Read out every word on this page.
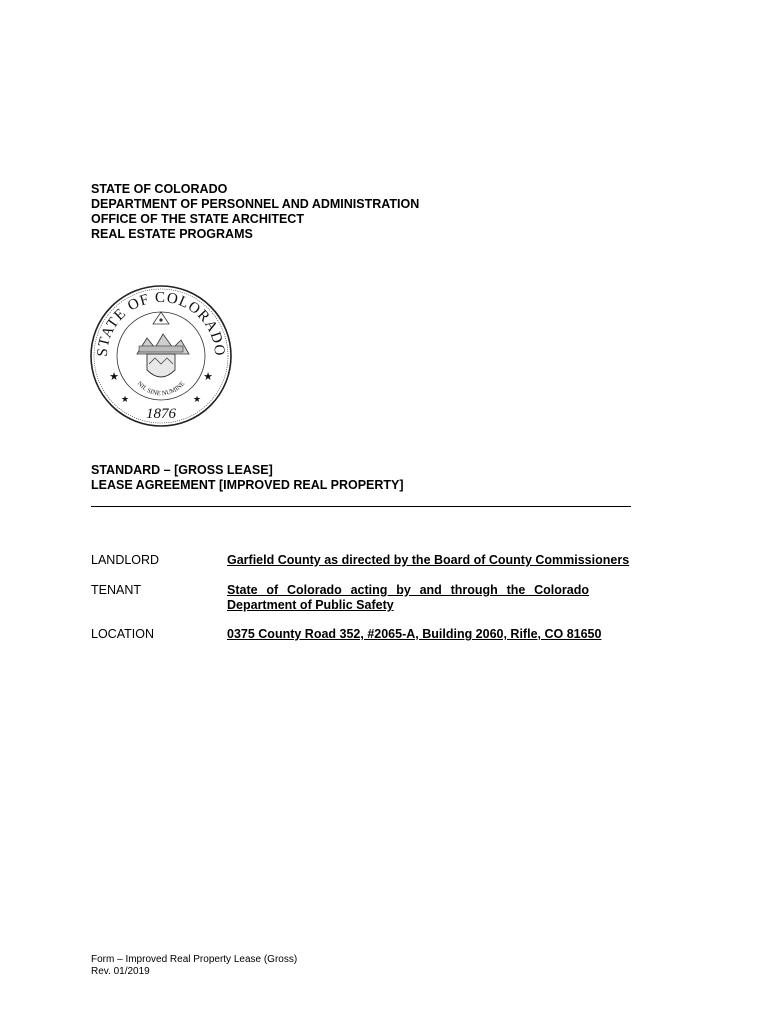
STATE OF COLORADO
DEPARTMENT OF PERSONNEL AND ADMINISTRATION
OFFICE OF THE STATE ARCHITECT
REAL ESTATE PROGRAMS
STATE OF COLORADO
NIL SINE NUMINE
★	★
★	★
1876
STANDARD – [GROSS LEASE]
LEASE AGREEMENT [IMPROVED REAL PROPERTY]
LANDLORD	Garfield County as directed by the Board of County Commissioners
TENANT	State of Colorado acting by and through the Colorado
Department of Public Safety
LOCATION	0375 County Road 352, #2065-A, Building 2060, Rifle, CO 81650
Form – Improved Real Property Lease (Gross)
Rev. 01/2019
